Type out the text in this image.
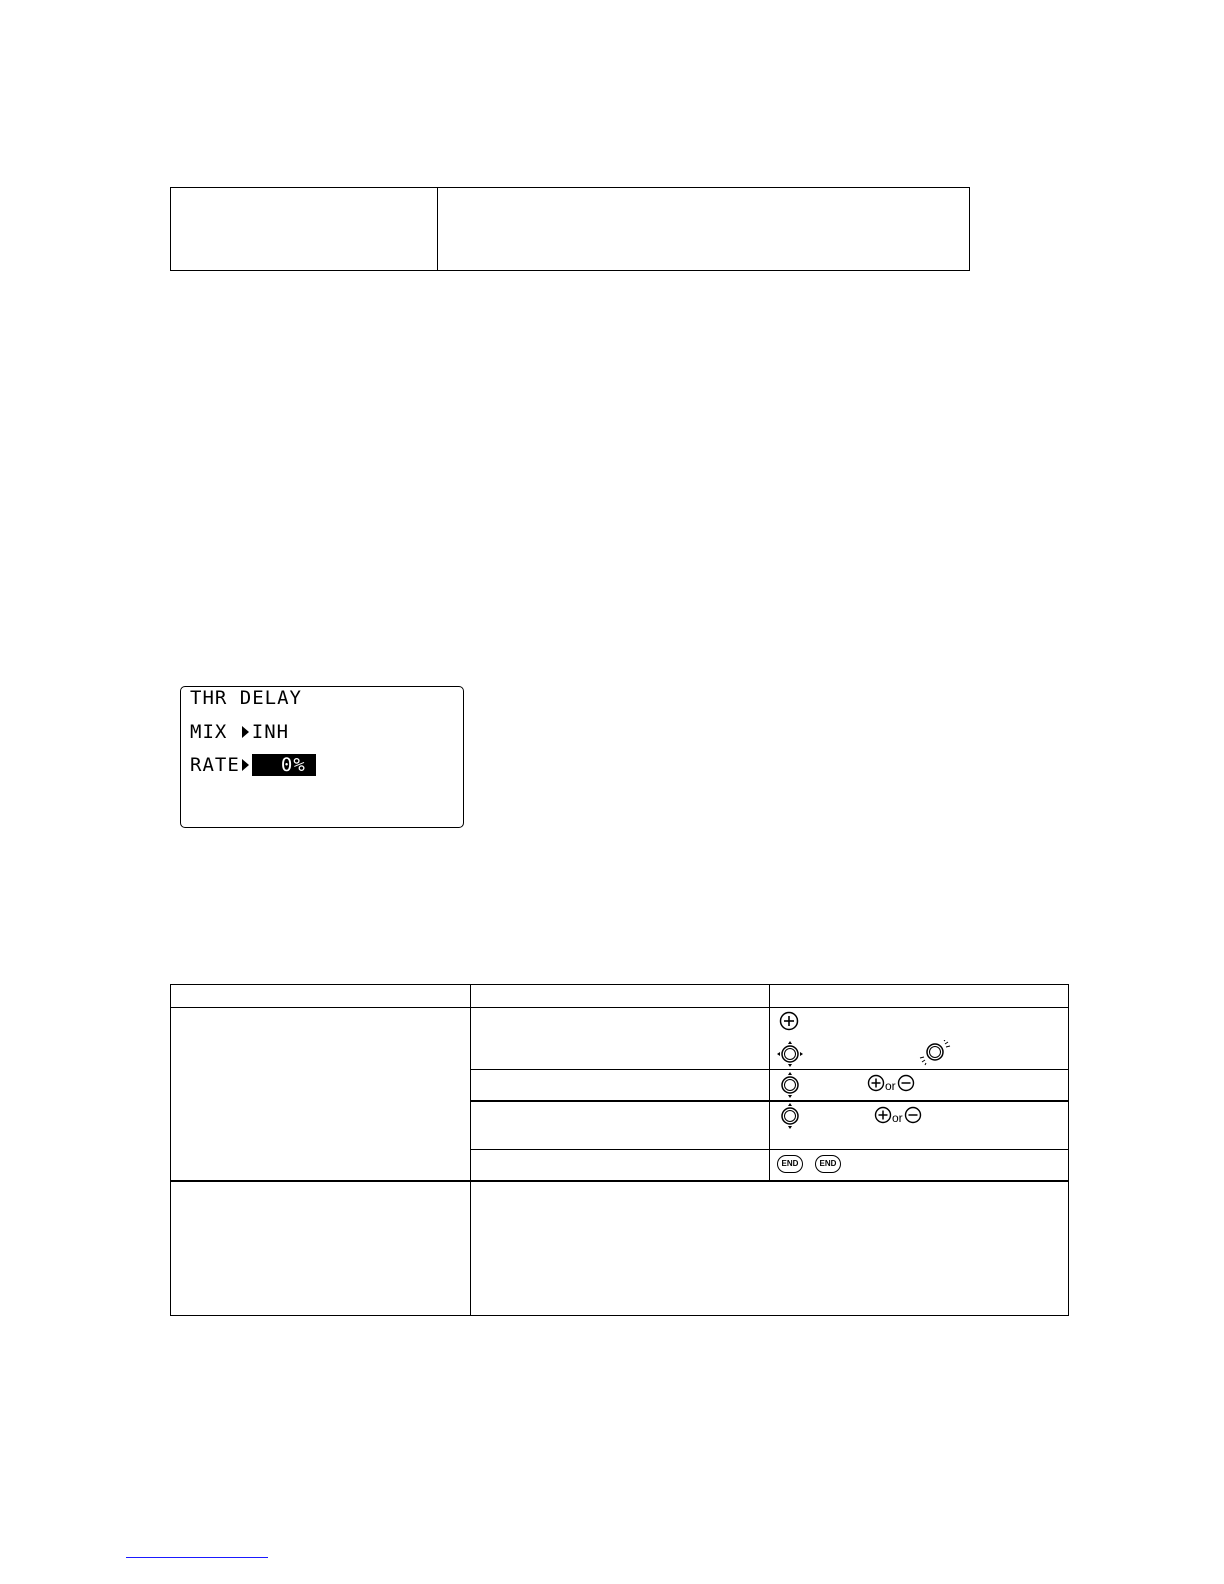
THR DELAY
MIX INH
RATE 0%
or
or
END	END
